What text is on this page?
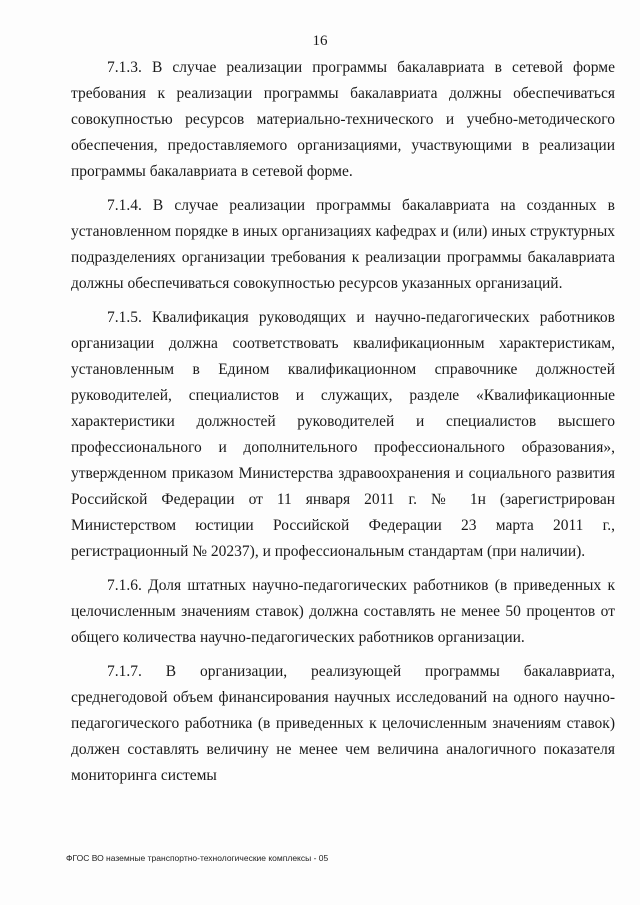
16

7.1.3. В случае реализации программы бакалавриата в сетевой форме требования к реализации программы бакалавриата должны обеспечиваться совокупностью ресурсов материально-технического и учебно-методического обеспечения, предоставляемого организациями, участвующими в реализации программы бакалавриата в сетевой форме.

7.1.4. В случае реализации программы бакалавриата на созданных в установленном порядке в иных организациях кафедрах и (или) иных структурных подразделениях организации требования к реализации программы бакалавриата должны обеспечиваться совокупностью ресурсов указанных организаций.

7.1.5. Квалификация руководящих и научно-педагогических работников организации должна соответствовать квалификационным характеристикам, установленным в Едином квалификационном справочнике должностей руководителей, специалистов и служащих, разделе «Квалификационные характеристики должностей руководителей и специалистов высшего профессионального и дополнительного профессионального образования», утвержденном приказом Министерства здравоохранения и социального развития Российской Федерации от 11 января 2011 г. № 1н (зарегистрирован Министерством юстиции Российской Федерации 23 марта 2011 г., регистрационный № 20237), и профессиональным стандартам (при наличии).

7.1.6. Доля штатных научно-педагогических работников (в приведенных к целочисленным значениям ставок) должна составлять не менее 50 процентов от общего количества научно-педагогических работников организации.

7.1.7. В организации, реализующей программы бакалавриата, среднегодовой объем финансирования научных исследований на одного научно-педагогического работника (в приведенных к целочисленным значениям ставок) должен составлять величину не менее чем величина аналогичного показателя мониторинга системы

ФГОС ВО наземные транспортно-технологические комплексы - 05
